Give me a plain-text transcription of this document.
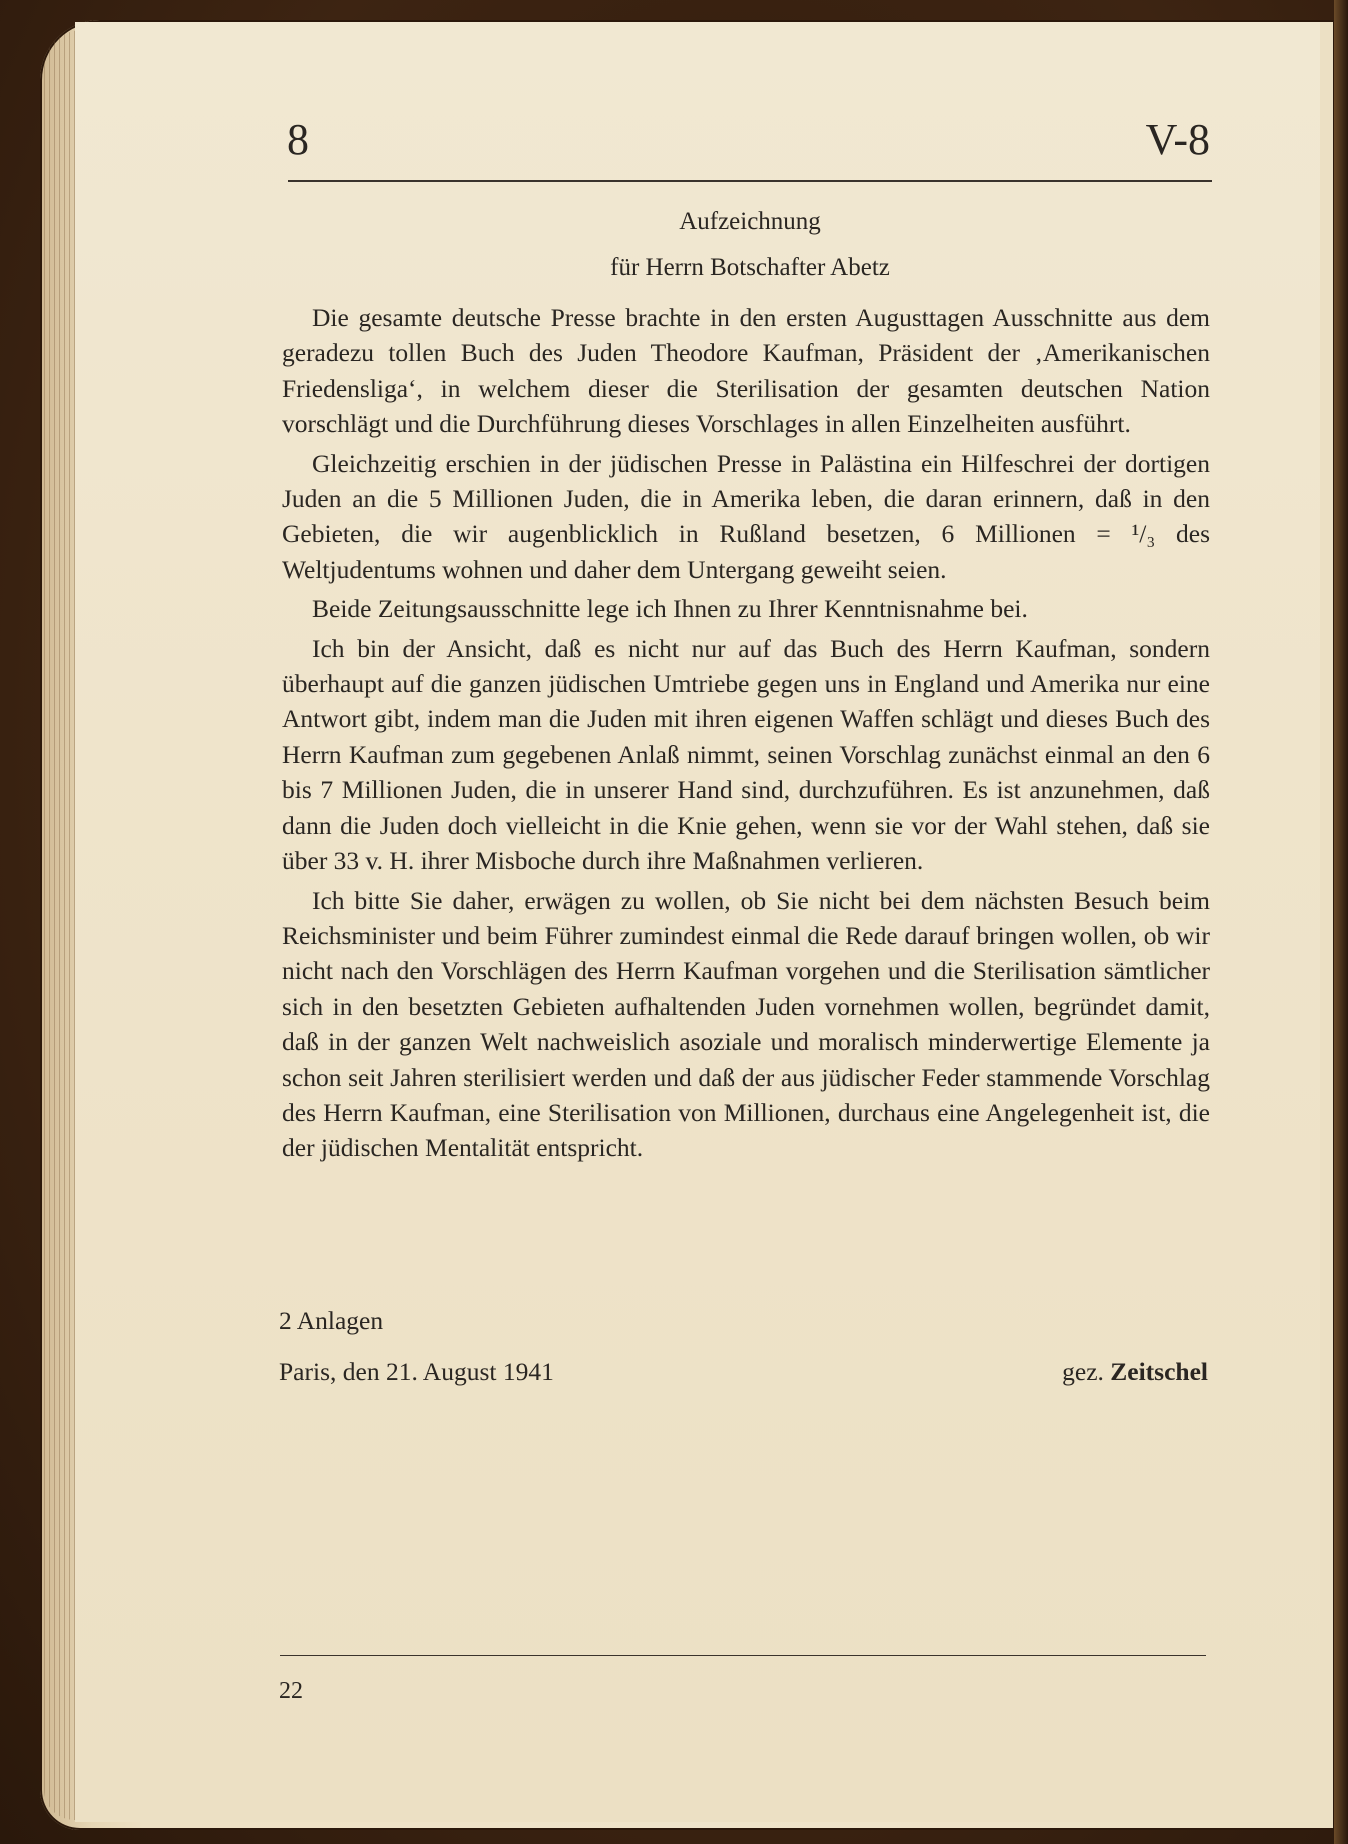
8	V-8
Aufzeichnung
für Herrn Botschafter Abetz

Die gesamte deutsche Presse brachte in den ersten Augusttagen Ausschnitte aus dem geradezu tollen Buch des Juden Theodore Kaufman, Präsident der ‚Amerikanischen Friedensliga‘, in welchem dieser die Sterilisation der gesamten deutschen Nation vorschlägt und die Durchführung dieses Vorschlages in allen Einzelheiten ausführt.

Gleichzeitig erschien in der jüdischen Presse in Palästina ein Hilfeschrei der dortigen Juden an die 5 Millionen Juden, die in Amerika leben, die daran erinnern, daß in den Gebieten, die wir augenblicklich in Rußland besetzen, 6 Millionen = ¹/₃ des Weltjudentums wohnen und daher dem Untergang geweiht seien.

Beide Zeitungsausschnitte lege ich Ihnen zu Ihrer Kenntnisnahme bei.

Ich bin der Ansicht, daß es nicht nur auf das Buch des Herrn Kaufman, sondern überhaupt auf die ganzen jüdischen Umtriebe gegen uns in England und Amerika nur eine Antwort gibt, indem man die Juden mit ihren eigenen Waffen schlägt und dieses Buch des Herrn Kaufman zum gegebenen Anlaß nimmt, seinen Vorschlag zunächst einmal an den 6 bis 7 Millionen Juden, die in unserer Hand sind, durchzuführen. Es ist anzunehmen, daß dann die Juden doch vielleicht in die Knie gehen, wenn sie vor der Wahl stehen, daß sie über 33 v. H. ihrer Misboche durch ihre Maßnahmen verlieren.

Ich bitte Sie daher, erwägen zu wollen, ob Sie nicht bei dem nächsten Besuch beim Reichsminister und beim Führer zumindest einmal die Rede darauf bringen wollen, ob wir nicht nach den Vorschlägen des Herrn Kaufman vorgehen und die Sterilisation sämtlicher sich in den besetzten Gebieten aufhaltenden Juden vornehmen wollen, begründet damit, daß in der ganzen Welt nachweislich asoziale und moralisch minderwertige Elemente ja schon seit Jahren sterilisiert werden und daß der aus jüdischer Feder stammende Vorschlag des Herrn Kaufman, eine Sterilisation von Millionen, durchaus eine Angelegenheit ist, die der jüdischen Mentalität entspricht.

2 Anlagen
Paris, den 21. August 1941	gez. Zeitschel
22
